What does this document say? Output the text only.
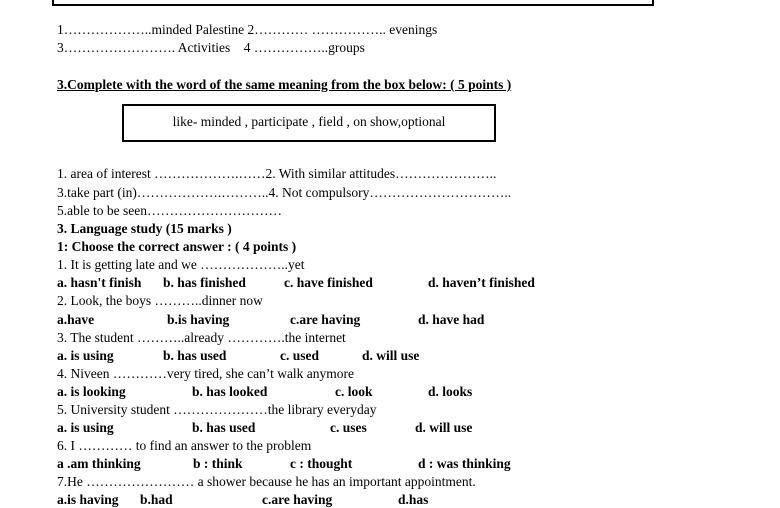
1………………..minded Palestine 2………… …………….. evenings
3……………………. Activities    4 ……………..groups
3.Complete with the word of the same meaning from the box below: ( 5 points )
like- minded , participate , field , on show,optional
1. area of interest ……………….……2. With similar attitudes…………………..
3.take part (in)……………….………..4. Not compulsory…………………………..
5.able to be seen…………………………
3. Language study (15 marks )
1: Choose the correct answer : ( 4 points )
1. It is getting late and we ………………..yet
a. hasn't finish b. has finished	c. have finished	d. haven’t finished
2. Look, the boys ………..dinner now
a.have	b.is having	c.are having	d. have had
3. The student ………..already ………….the internet
a. is using	b. has used	c. used	d. will use
4. Niveen …………very tired, she can’t walk anymore
a. is looking	b. has looked	c. look	d. looks
5. University student …………………the library everyday
a. is using	b. has used	c. uses	d. will use
6. I ………… to find an answer to the problem
a .am thinking	b : think	c : thought	d : was thinking
7.He …………………… a shower because he has an important appointment.
a.is having b.had	c.are having	d.has
